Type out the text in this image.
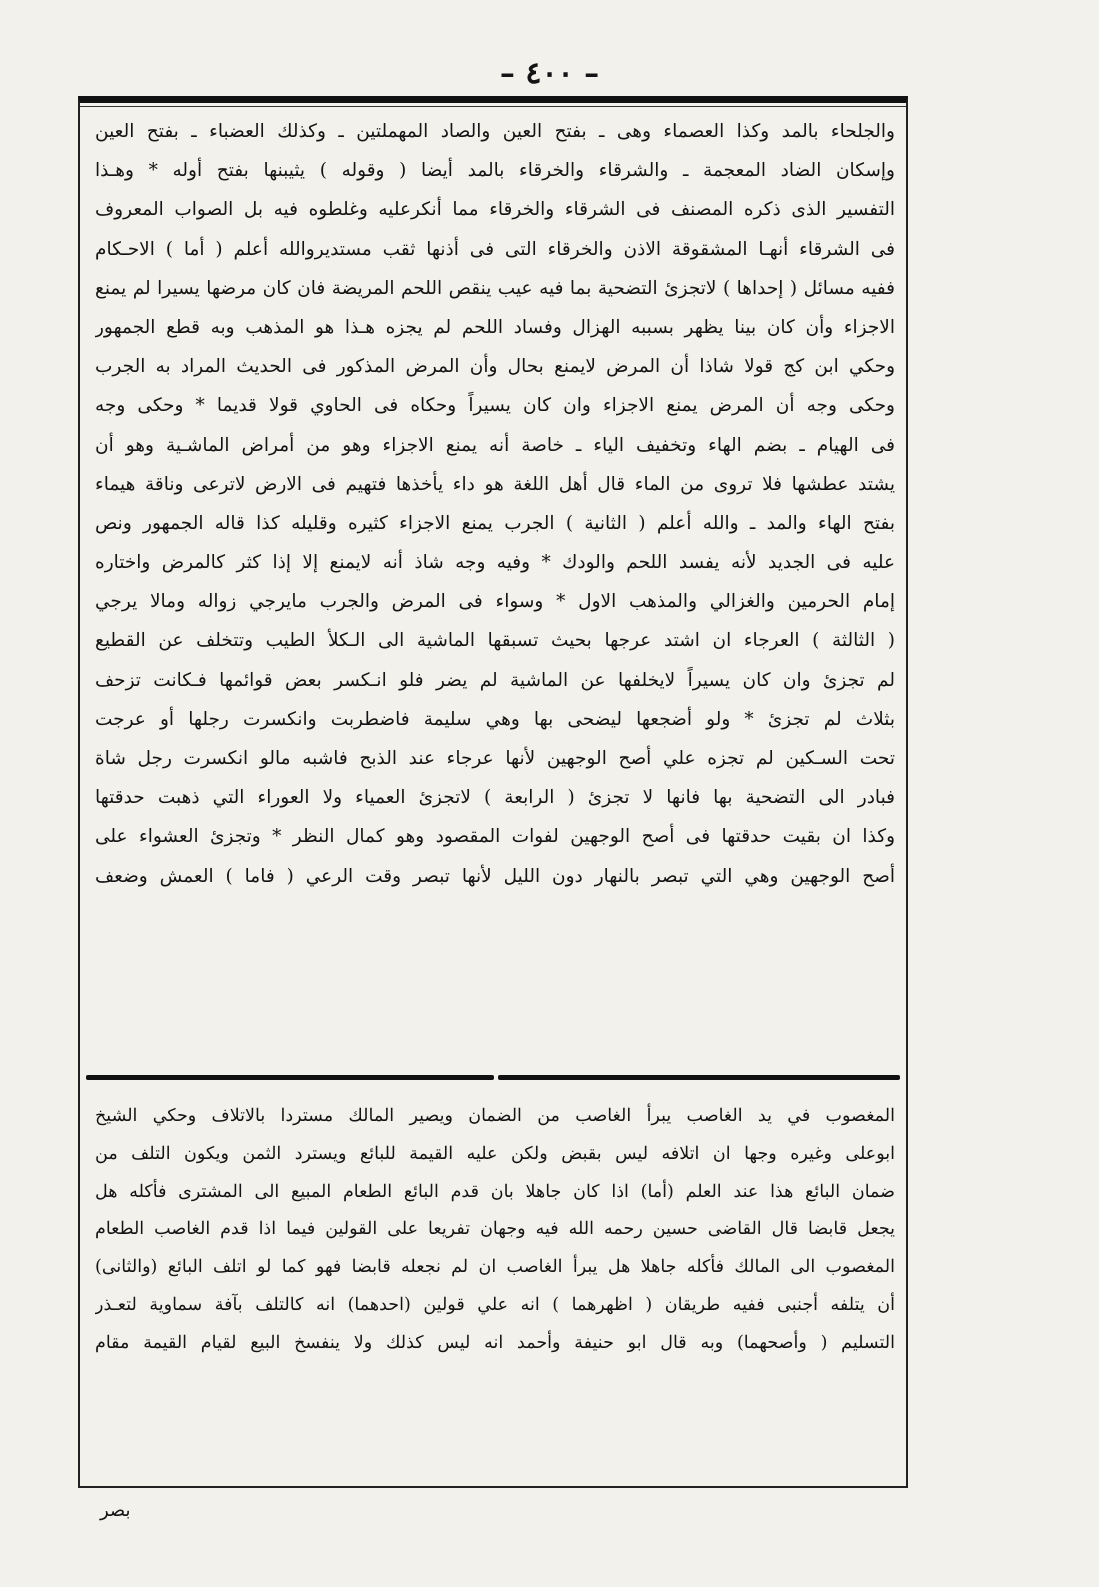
– ٤٠٠ –
والجلحاء بالمد وكذا العصماء وهى ـ بفتح العين والصاد المهملتين ـ وكذلك العضباء ـ بفتح العين
وإسكان الضاد المعجمة ـ والشرقاء والخرقاء بالمد أيضا ( وقوله ) يثيبنها بفتح أوله * وهـذا
التفسير الذى ذكره المصنف فى الشرقاء والخرقاء مما أنكرعليه وغلطوه فيه بل الصواب المعروف
فى الشرقاء أنهـا المشقوقة الاذن والخرقاء التى فى أذنها ثقب مستديروالله أعلم ( أما ) الاحـكام
ففيه مسائل ( إحداها ) لاتجزئ التضحية بما فيه عيب ينقص اللحم المريضة فان كان مرضها يسيرا لم يمنع
الاجزاء وأن كان بينا يظهر بسببه الهزال وفساد اللحم لم يجزه هـذا هو المذهب وبه قطع الجمهور
وحكي ابن كج قولا شاذا أن المرض لايمنع بحال وأن المرض المذكور فى الحديث المراد به الجرب
وحكى وجه أن المرض يمنع الاجزاء وان كان يسيراً وحكاه فى الحاوي قولا قديما * وحكى وجه
فى الهيام ـ بضم الهاء وتخفيف الياء ـ خاصة أنه يمنع الاجزاء وهو من أمراض الماشـية وهو أن
يشتد عطشها فلا تروى من الماء قال أهل اللغة هو داء يأخذها فتهيم فى الارض لاترعى وناقة هيماء
بفتح الهاء والمد ـ والله أعلم ( الثانية ) الجرب يمنع الاجزاء كثيره وقليله كذا قاله الجمهور ونص
عليه فى الجديد لأنه يفسد اللحم والودك * وفيه وجه شاذ أنه لايمنع إلا إذا كثر كالمرض واختاره
إمام الحرمين والغزالي والمذهب الاول * وسواء فى المرض والجرب مايرجي زواله ومالا يرجي
( الثالثة ) العرجاء ان اشتد عرجها بحيث تسبقها الماشية الى الـكلأ الطيب وتتخلف عن القطيع
لم تجزئ وان كان يسيراً لايخلفها عن الماشية لم يضر فلو انـكسر بعض قوائمها فـكانت تزحف
بثلاث لم تجزئ * ولو أضجعها ليضحى بها وهي سليمة فاضطربت وانكسرت رجلها أو عرجت
تحت السـكين لم تجزه علي أصح الوجهين لأنها عرجاء عند الذبح فاشبه مالو انكسرت رجل شاة
فبادر الى التضحية بها فانها لا تجزئ ( الرابعة ) لاتجزئ العمياء ولا العوراء التي ذهبت حدقتها
وكذا ان بقيت حدقتها فى أصح الوجهين لفوات المقصود وهو كمال النظر * وتجزئ العشواء على
أصح الوجهين وهي التي تبصر بالنهار دون الليل لأنها تبصر وقت الرعي ( فاما ) العمش وضعف
المغصوب في يد الغاصب يبرأ الغاصب من الضمان ويصير المالك مستردا بالاتلاف وحكي الشيخ
ابوعلى وغيره وجها ان اتلافه ليس بقبض ولكن عليه القيمة للبائع ويسترد الثمن ويكون التلف من
ضمان البائع هذا عند العلم (أما) اذا كان جاهلا بان قدم البائع الطعام المبيع الى المشترى فأكله هل
يجعل قابضا قال القاضى حسين رحمه الله فيه وجهان تفريعا على القولين فيما اذا قدم الغاصب الطعام
المغصوب الى المالك فأكله جاهلا هل يبرأ الغاصب ان لم نجعله قابضا فهو كما لو اتلف البائع (والثانى)
أن يتلفه أجنبى ففيه طريقان ( اظهرهما ) انه علي قولين (احدهما) انه كالتلف بآفة سماوية لتعـذر
التسليم ( وأصحهما) وبه قال ابو حنيفة وأحمد انه ليس كذلك ولا ينفسخ البيع لقيام القيمة مقام
بصر
